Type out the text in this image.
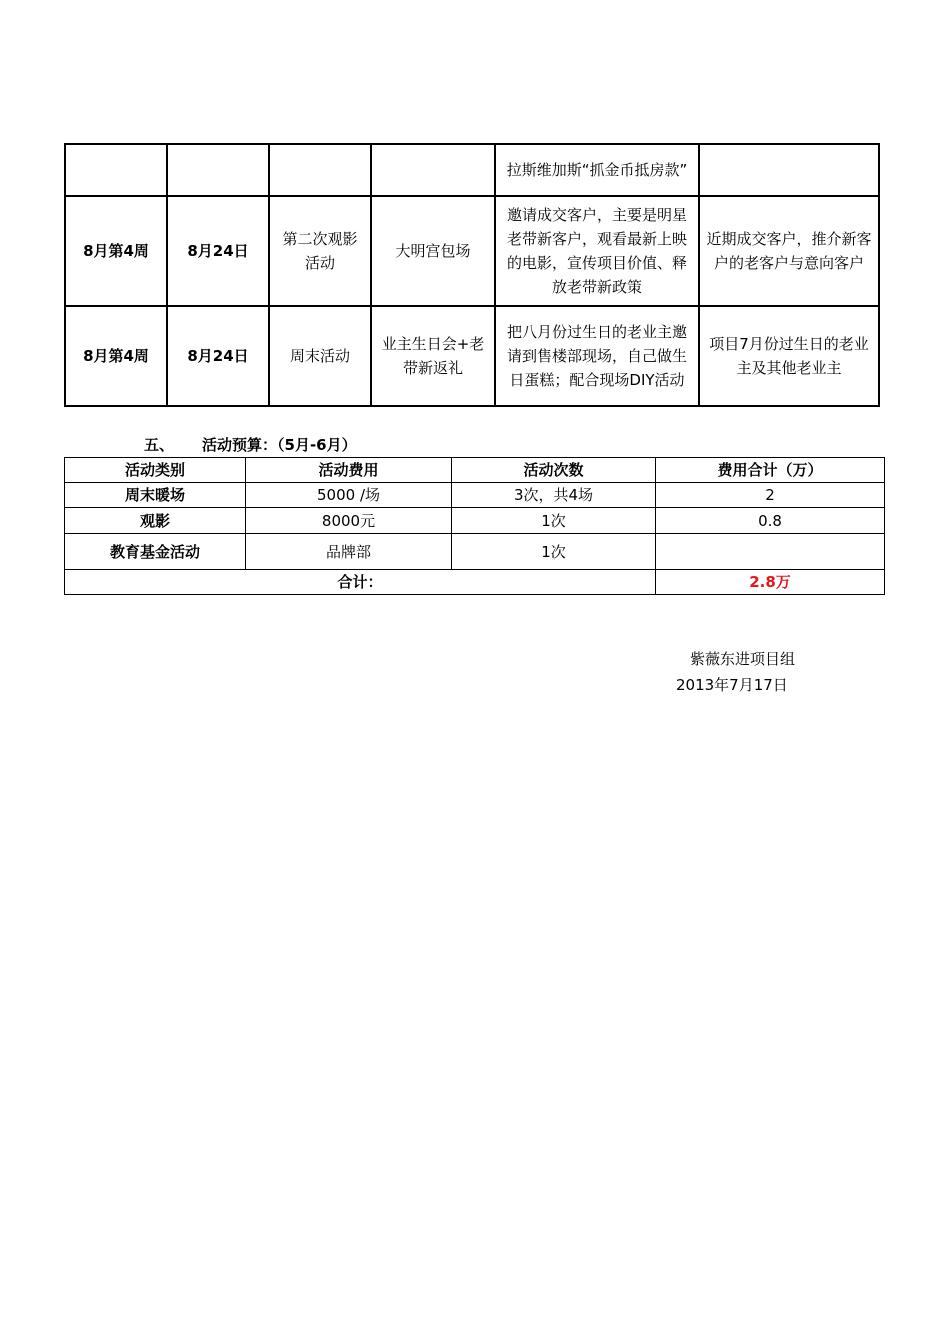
				拉斯维加斯“抓金币抵房款”	
8月第4周	8月24日	第二次观影活动	大明宫包场	邀请成交客户，主要是明星老带新客户，观看最新上映的电影，宣传项目价值、释放老带新政策	近期成交客户，推介新客户的老客户与意向客户
8月第4周	8月24日	周末活动	业主生日会+老带新返礼	把八月份过生日的老业主邀请到售楼部现场，自己做生日蛋糕；配合现场DIY活动	项目7月份过生日的老业主及其他老业主
五、 活动预算：（5月-6月）
活动类别	活动费用	活动次数	费用合计（万）
周末暖场	5000 /场	3次，共4场	2
观影	8000元	1次	0.8
教育基金活动	品牌部	1次	
合计：			2.8万
紫薇东进项目组
2013年7月17日
